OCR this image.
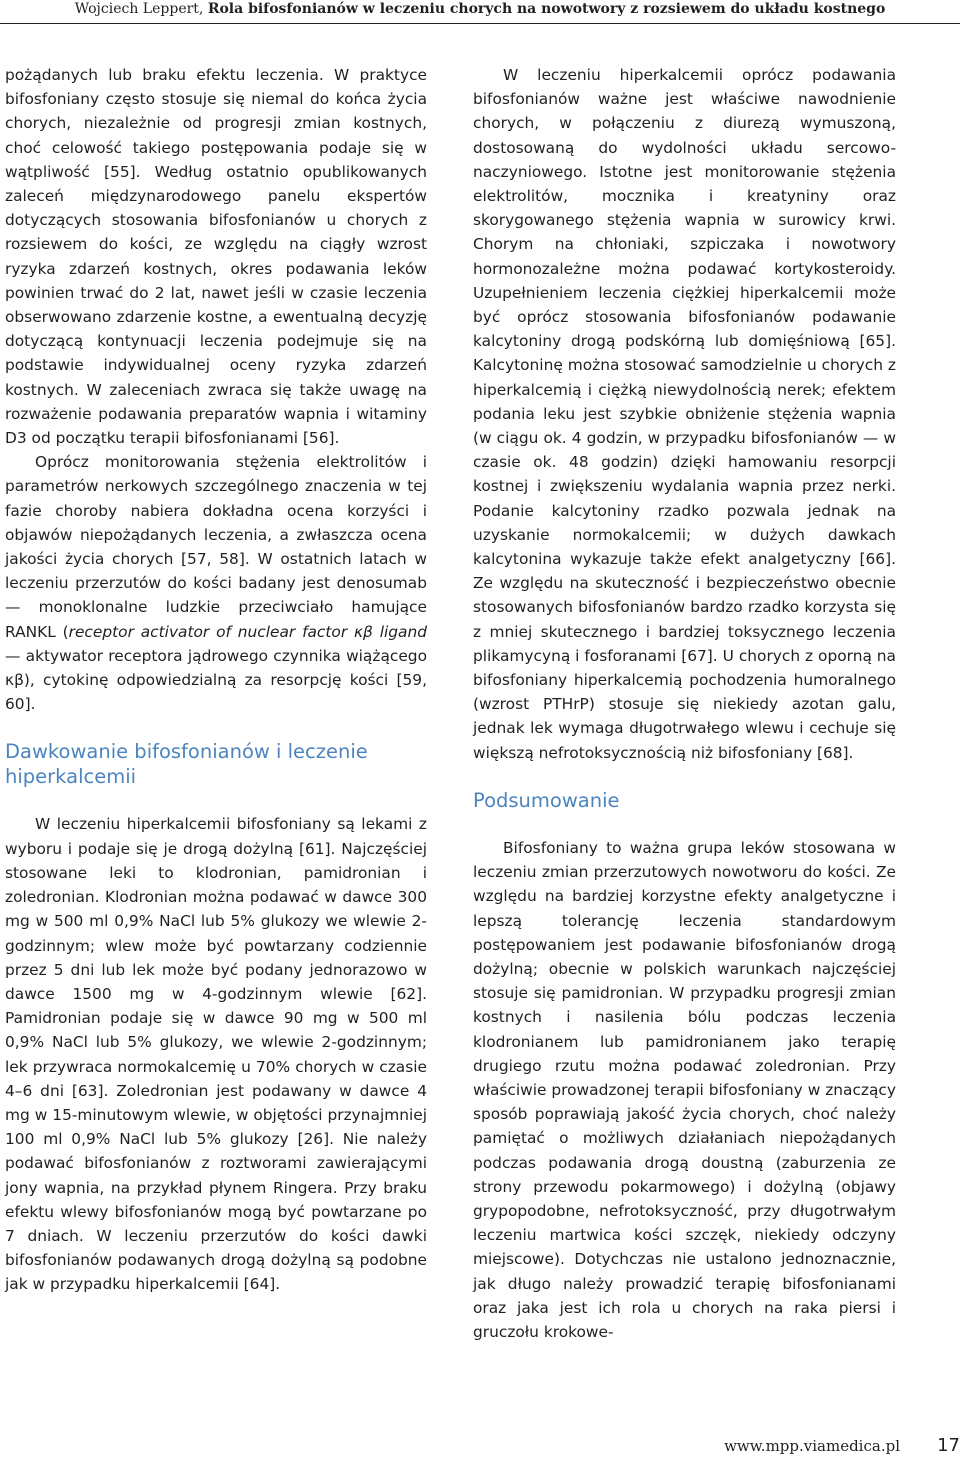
Wojciech Leppert, Rola bifosfonianów w leczeniu chorych na nowotwory z rozsiewem do układu kostnego

pożądanych lub braku efektu leczenia. W praktyce bifosfoniany często stosuje się niemal do końca życia chorych, niezależnie od progresji zmian kostnych, choć celowość takiego postępowania podaje się w wątpliwość [55]. Według ostatnio opublikowanych zaleceń międzynarodowego panelu ekspertów dotyczących stosowania bifosfonianów u chorych z rozsiewem do kości, ze względu na ciągły wzrost ryzyka zdarzeń kostnych, okres podawania leków powinien trwać do 2 lat, nawet jeśli w czasie leczenia obserwowano zdarzenie kostne, a ewentualną decyzję dotyczącą kontynuacji leczenia podejmuje się na podstawie indywidualnej oceny ryzyka zdarzeń kostnych. W zaleceniach zwraca się także uwagę na rozważenie podawania preparatów wapnia i witaminy D3 od początku terapii bifosfonianami [56].

Oprócz monitorowania stężenia elektrolitów i parametrów nerkowych szczególnego znaczenia w tej fazie choroby nabiera dokładna ocena korzyści i objawów niepożądanych leczenia, a zwłaszcza ocena jakości życia chorych [57, 58]. W ostatnich latach w leczeniu przerzutów do kości badany jest denosumab — monoklonalne ludzkie przeciwciało hamujące RANKL (receptor activator of nuclear factor κβ ligand — aktywator receptora jądrowego czynnika wiążącego κβ), cytokinę odpowiedzialną za resorpcję kości [59, 60].

Dawkowanie bifosfonianów i leczenie hiperkalcemii

W leczeniu hiperkalcemii bifosfoniany są lekami z wyboru i podaje się je drogą dożylną [61]. Najczęściej stosowane leki to klodronian, pamidronian i zoledronian. Klodronian można podawać w dawce 300 mg w 500 ml 0,9% NaCl lub 5% glukozy we wlewie 2-godzinnym; wlew może być powtarzany codziennie przez 5 dni lub lek może być podany jednorazowo w dawce 1500 mg w 4-godzinnym wlewie [62]. Pamidronian podaje się w dawce 90 mg w 500 ml 0,9% NaCl lub 5% glukozy, we wlewie 2-godzinnym; lek przywraca normokalcemię u 70% chorych w czasie 4–6 dni [63]. Zoledronian jest podawany w dawce 4 mg w 15-minutowym wlewie, w objętości przynajmniej 100 ml 0,9% NaCl lub 5% glukozy [26]. Nie należy podawać bifosfonianów z roztworami zawierającymi jony wapnia, na przykład płynem Ringera. Przy braku efektu wlewy bifosfonianów mogą być powtarzane po 7 dniach. W leczeniu przerzutów do kości dawki bifosfonianów podawanych drogą dożylną są podobne jak w przypadku hiperkalcemii [64].

W leczeniu hiperkalcemii oprócz podawania bifosfonianów ważne jest właściwe nawodnienie chorych, w połączeniu z diurezą wymuszoną, dostosowaną do wydolności układu sercowo-naczyniowego. Istotne jest monitorowanie stężenia elektrolitów, mocznika i kreatyniny oraz skorygowanego stężenia wapnia w surowicy krwi. Chorym na chłoniaki, szpiczaka i nowotwory hormonozależne można podawać kortykosteroidy. Uzupełnieniem leczenia ciężkiej hiperkalcemii może być oprócz stosowania bifosfonianów podawanie kalcytoniny drogą podskórną lub domięśniową [65]. Kalcytoninę można stosować samodzielnie u chorych z hiperkalcemią i ciężką niewydolnością nerek; efektem podania leku jest szybkie obniżenie stężenia wapnia (w ciągu ok. 4 godzin, w przypadku bifosfonianów — w czasie ok. 48 godzin) dzięki hamowaniu resorpcji kostnej i zwiększeniu wydalania wapnia przez nerki. Podanie kalcytoniny rzadko pozwala jednak na uzyskanie normokalcemii; w dużych dawkach kalcytonina wykazuje także efekt analgetyczny [66]. Ze względu na skuteczność i bezpieczeństwo obecnie stosowanych bifosfonianów bardzo rzadko korzysta się z mniej skutecznego i bardziej toksycznego leczenia plikamycyną i fosforanami [67]. U chorych z oporną na bifosfoniany hiperkalcemią pochodzenia humoralnego (wzrost PTHrP) stosuje się niekiedy azotan galu, jednak lek wymaga długotrwałego wlewu i cechuje się większą nefrotoksycznością niż bifosfoniany [68].

Podsumowanie

Bifosfoniany to ważna grupa leków stosowana w leczeniu zmian przerzutowych nowotworu do kości. Ze względu na bardziej korzystne efekty analgetyczne i lepszą tolerancję leczenia standardowym postępowaniem jest podawanie bifosfonianów drogą dożylną; obecnie w polskich warunkach najczęściej stosuje się pamidronian. W przypadku progresji zmian kostnych i nasilenia bólu podczas leczenia klodronianem lub pamidronianem jako terapię drugiego rzutu można podawać zoledronian. Przy właściwie prowadzonej terapii bifosfoniany w znaczący sposób poprawiają jakość życia chorych, choć należy pamiętać o możliwych działaniach niepożądanych podczas podawania drogą doustną (zaburzenia ze strony przewodu pokarmowego) i dożylną (objawy grypopodobne, nefrotoksyczność, przy długotrwałym leczeniu martwica kości szczęk, niekiedy odczyny miejscowe). Dotychczas nie ustalono jednoznacznie, jak długo należy prowadzić terapię bifosfonianami oraz jaka jest ich rola u chorych na raka piersi i gruczołu krokowe-

www.mpp.viamedica.pl	17
